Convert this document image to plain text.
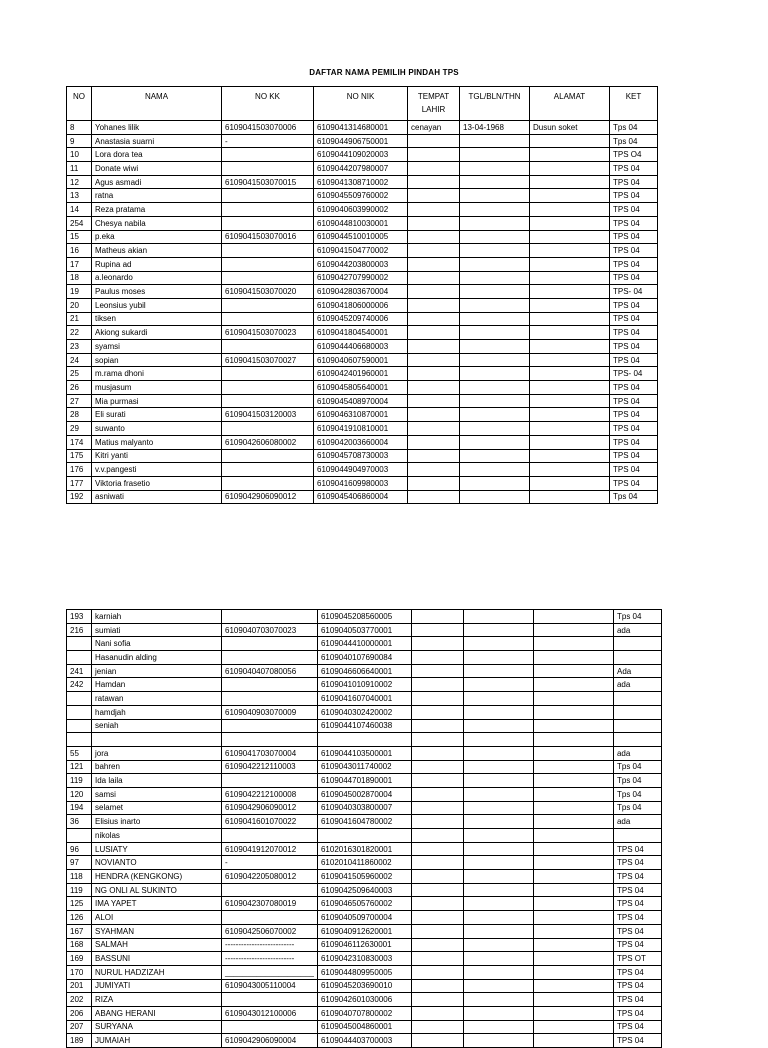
DAFTAR NAMA PEMILIH PINDAH TPS
NO	NAMA	NO KK	NO NIK	TEMPAT LAHIR	TGL/BLN/THN	ALAMAT	KET
8	Yohanes lilik	6109041503070006	6109041314680001	cenayan	13-04-1968	Dusun soket	Tps 04
9	Anastasia suarni	-	6109044906750001				Tps 04
10	Lora dora tea		6109044109020003				TPS O4
11	Donate wiwi		6109044207980007				TPS 04
12	Agus asmadi	6109041503070015	6109041308710002				TPS 04
13	ratna		6109045509760002				TPS 04
14	Reza pratama		6109040603990002				TPS 04
254	Chesya nabila		6109044810030001				TPS 04
15	p.eka	6109041503070016	6109044510010005				TPS 04
16	Matheus akian		6109041504770002				TPS 04
17	Rupina ad		6109044203800003				TPS 04
18	a.leonardo		6109042707990002				TPS 04
19	Paulus moses	6109041503070020	6109042803670004				TPS- 04
20	Leonsius yubil		6109041806000006				TPS 04
21	tiksen		6109045209740006				TPS 04
22	Akiong sukardi	6109041503070023	6109041804540001				TPS 04
23	syamsi		6109044406680003				TPS 04
24	sopian	6109041503070027	6109040607590001				TPS 04
25	m.rama dhoni		6109042401960001				TPS- 04
26	musjasum		6109045805640001				TPS 04
27	Mia purmasi		6109045408970004				TPS 04
28	Eli surati	6109041503120003	6109046310870001				TPS 04
29	suwanto		6109041910810001				TPS 04
174	Matius malyanto	6109042606080002	6109042003660004				TPS 04
175	Kitri yanti		6109045708730003				TPS 04
176	v.v.pangesti		6109044904970003				TPS 04
177	Viktoria frasetio		6109041609980003				TPS 04
192	asniwati	6109042906090012	6109045406860004				Tps 04
193	karniah		6109045208560005				Tps 04
216	sumiati	6109040703070023	6109040503770001				ada
	Nani sofia		6109044410000001				
	Hasanudin alding		6109040107690084				
241	jenian	6109040407080056	6109046606640001				Ada
242	Hamdan		6109041010910002				ada
	ratawan		6109041607040001				
	hamdjah	6109040903070009	6109040302420002				
	seniah		6109044107460038				

55	jora	6109041703070004	6109044103500001				ada
121	bahren	6109042212110003	6109043011740002				Tps 04
119	Ida laila		6109044701890001				Tps 04
120	samsi	6109042212100008	6109045002870004				Tps 04
194	selamet	6109042906090012	6109040303800007				Tps 04
36	Elisius inarto	6109041601070022	6109041604780002				ada
	nikolas						
96	LUSIATY	6109041912070012	6102016301820001				TPS 04
97	NOVIANTO	-	6102010411860002				TPS 04
118	HENDRA (KENGKONG)	6109042205080012	6109041505960002				TPS 04
119	NG ONLI AL SUKINTO		6109042509640003				TPS 04
125	IMA YAPET	6109042307080019	6109046505760002				TPS 04
126	ALOI		6109040509700004				TPS 04
167	SYAHMAN	6109042506070002	6109040912620001				TPS 04
168	SALMAH	--------------------------	6109046112630001				TPS 04
169	BASSUNI	--------------------------	6109042310830003				TPS OT
170	NURUL HADZIZAH	____________________	6109044809950005				TPS 04
201	JUMIYATI	6109043005110004	6109045203690010				TPS 04
202	RIZA		6109042601030006				TPS 04
206	ABANG HERANI	6109043012100006	6109040707800002				TPS 04
207	SURYANA		6109045004860001				TPS 04
189	JUMAIAH	6109042906090004	6109044403700003				TPS 04
